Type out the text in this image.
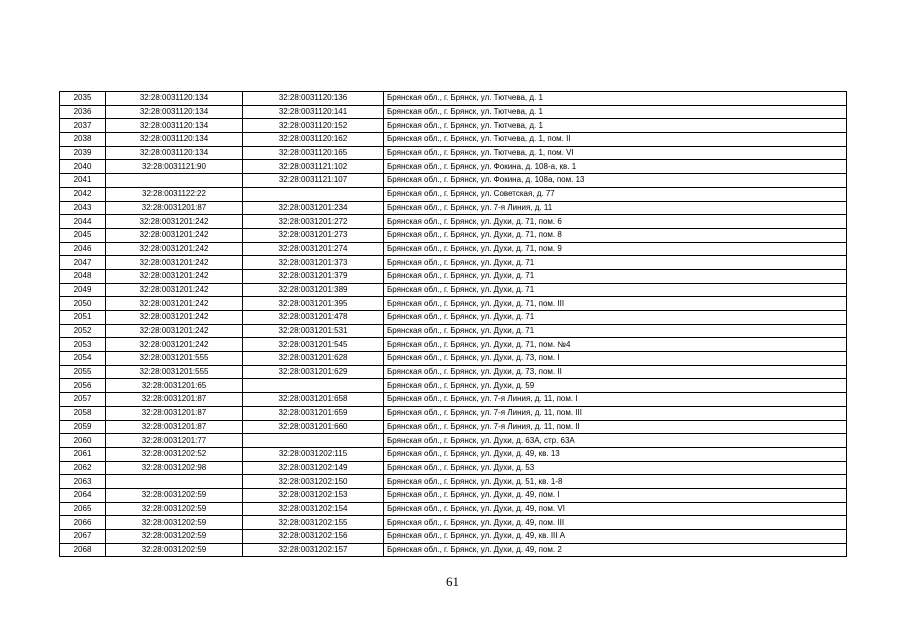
2035	32:28:0031120:134	32:28:0031120:136	Брянская обл., г. Брянск, ул. Тютчева, д. 1
2036	32:28:0031120:134	32:28:0031120:141	Брянская обл., г. Брянск, ул. Тютчева, д. 1
2037	32:28:0031120:134	32:28:0031120:152	Брянская обл., г. Брянск, ул. Тютчева, д. 1
2038	32:28:0031120:134	32:28:0031120:162	Брянская обл., г. Брянск, ул. Тютчева, д. 1, пом. II
2039	32:28:0031120:134	32:28:0031120:165	Брянская обл., г. Брянск, ул. Тютчева, д. 1, пом. VI
2040	32:28:0031121:90	32:28:0031121:102	Брянская обл., г. Брянск, ул. Фокина, д. 108-а, кв. 1
2041		32:28:0031121:107	Брянская обл., г. Брянск, ул. Фокина, д. 108а, пом. 13
2042	32:28:0031122:22		Брянская обл., г. Брянск, ул. Советская, д. 77
2043	32:28:0031201:87	32:28:0031201:234	Брянская обл., г. Брянск, ул. 7-я Линия, д. 11
2044	32:28:0031201:242	32:28:0031201:272	Брянская обл., г. Брянск, ул. Духи, д. 71, пом. 6
2045	32:28:0031201:242	32:28:0031201:273	Брянская обл., г. Брянск, ул. Духи, д. 71, пом. 8
2046	32:28:0031201:242	32:28:0031201:274	Брянская обл., г. Брянск, ул. Духи, д. 71, пом. 9
2047	32:28:0031201:242	32:28:0031201:373	Брянская обл., г. Брянск, ул. Духи, д. 71
2048	32:28:0031201:242	32:28:0031201:379	Брянская обл., г. Брянск, ул. Духи, д. 71
2049	32:28:0031201:242	32:28:0031201:389	Брянская обл., г. Брянск, ул. Духи, д. 71
2050	32:28:0031201:242	32:28:0031201:395	Брянская обл., г. Брянск, ул. Духи, д. 71, пом. III
2051	32:28:0031201:242	32:28:0031201:478	Брянская обл., г. Брянск, ул. Духи, д. 71
2052	32:28:0031201:242	32:28:0031201:531	Брянская обл., г. Брянск, ул. Духи, д. 71
2053	32:28:0031201:242	32:28:0031201:545	Брянская обл., г. Брянск, ул. Духи, д. 71, пом. №4
2054	32:28:0031201:555	32:28:0031201:628	Брянская обл., г. Брянск, ул. Духи, д. 73, пом. I
2055	32:28:0031201:555	32:28:0031201:629	Брянская обл., г. Брянск, ул. Духи, д. 73, пом. II
2056	32:28:0031201:65		Брянская обл., г. Брянск, ул. Духи, д. 59
2057	32:28:0031201:87	32:28:0031201:658	Брянская обл., г. Брянск, ул. 7-я Линия, д. 11, пом. I
2058	32:28:0031201:87	32:28:0031201:659	Брянская обл., г. Брянск, ул. 7-я Линия, д. 11, пом. III
2059	32:28:0031201:87	32:28:0031201:660	Брянская обл., г. Брянск, ул. 7-я Линия, д. 11, пом. II
2060	32:28:0031201:77		Брянская обл., г. Брянск, ул. Духи, д. 63А, стр. 63А
2061	32:28:0031202:52	32:28:0031202:115	Брянская обл., г. Брянск, ул. Духи, д. 49, кв. 13
2062	32:28:0031202:98	32:28:0031202:149	Брянская обл., г. Брянск, ул. Духи, д. 53
2063		32:28:0031202:150	Брянская обл., г. Брянск, ул. Духи, д. 51, кв. 1-8
2064	32:28:0031202:59	32:28:0031202:153	Брянская обл., г. Брянск, ул. Духи, д. 49, пом. I
2065	32:28:0031202:59	32:28:0031202:154	Брянская обл., г. Брянск, ул. Духи, д. 49, пом. VI
2066	32:28:0031202:59	32:28:0031202:155	Брянская обл., г. Брянск, ул. Духи, д. 49, пом. III
2067	32:28:0031202:59	32:28:0031202:156	Брянская обл., г. Брянск, ул. Духи, д. 49, кв. III А
2068	32:28:0031202:59	32:28:0031202:157	Брянская обл., г. Брянск, ул. Духи, д. 49, пом. 2
61
